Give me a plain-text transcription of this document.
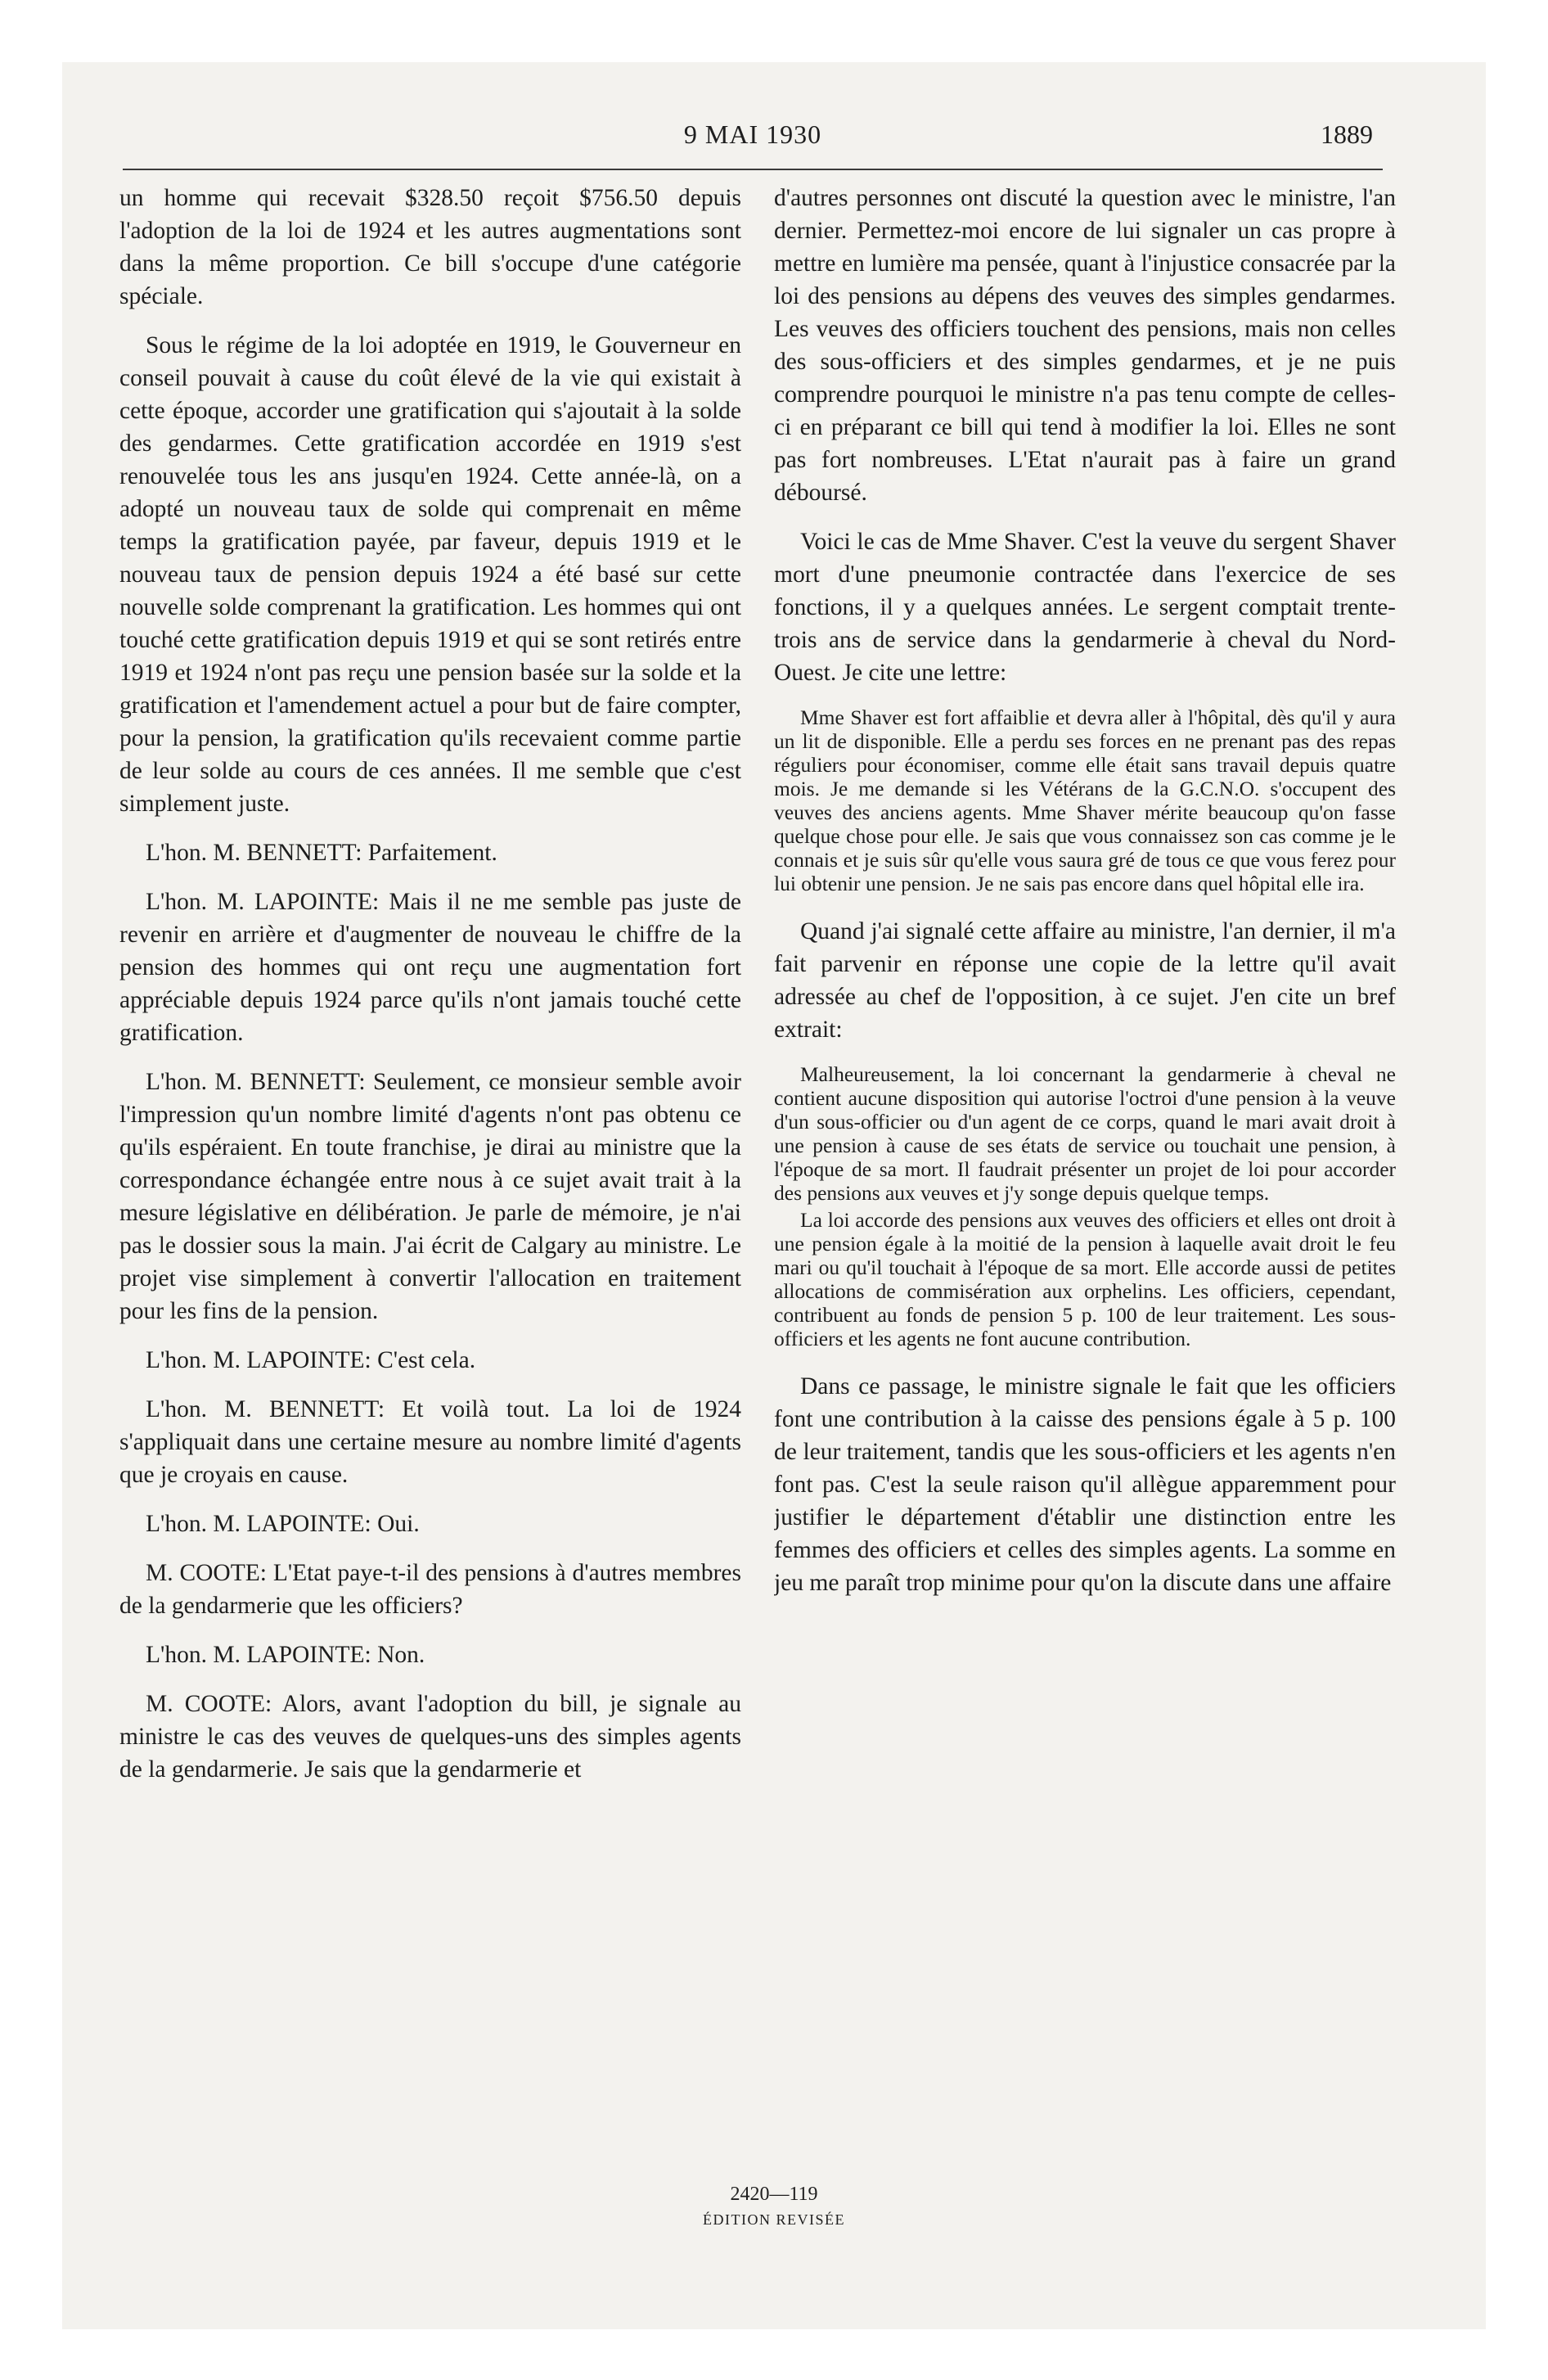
9 MAI 1930	1889

un homme qui recevait $328.50 reçoit $756.50 depuis l'adoption de la loi de 1924 et les autres augmentations sont dans la même proportion. Ce bill s'occupe d'une catégorie spéciale.

Sous le régime de la loi adoptée en 1919, le Gouverneur en conseil pouvait à cause du coût élevé de la vie qui existait à cette époque, accorder une gratification qui s'ajoutait à la solde des gendarmes. Cette gratification accordée en 1919 s'est renouvelée tous les ans jusqu'en 1924. Cette année-là, on a adopté un nouveau taux de solde qui comprenait en même temps la gratification payée, par faveur, depuis 1919 et le nouveau taux de pension depuis 1924 a été basé sur cette nouvelle solde comprenant la gratification. Les hommes qui ont touché cette gratification depuis 1919 et qui se sont retirés entre 1919 et 1924 n'ont pas reçu une pension basée sur la solde et la gratification et l'amendement actuel a pour but de faire compter, pour la pension, la gratification qu'ils recevaient comme partie de leur solde au cours de ces années. Il me semble que c'est simplement juste.

L'hon. M. BENNETT: Parfaitement.

L'hon. M. LAPOINTE: Mais il ne me semble pas juste de revenir en arrière et d'augmenter de nouveau le chiffre de la pension des hommes qui ont reçu une augmentation fort appréciable depuis 1924 parce qu'ils n'ont jamais touché cette gratification.

L'hon. M. BENNETT: Seulement, ce monsieur semble avoir l'impression qu'un nombre limité d'agents n'ont pas obtenu ce qu'ils espéraient. En toute franchise, je dirai au ministre que la correspondance échangée entre nous à ce sujet avait trait à la mesure législative en délibération. Je parle de mémoire, je n'ai pas le dossier sous la main. J'ai écrit de Calgary au ministre. Le projet vise simplement à convertir l'allocation en traitement pour les fins de la pension.

L'hon. M. LAPOINTE: C'est cela.

L'hon. M. BENNETT: Et voilà tout. La loi de 1924 s'appliquait dans une certaine mesure au nombre limité d'agents que je croyais en cause.

L'hon. M. LAPOINTE: Oui.

M. COOTE: L'Etat paye-t-il des pensions à d'autres membres de la gendarmerie que les officiers?

L'hon. M. LAPOINTE: Non.

M. COOTE: Alors, avant l'adoption du bill, je signale au ministre le cas des veuves de quelques-uns des simples agents de la gendarmerie. Je sais que la gendarmerie et

d'autres personnes ont discuté la question avec le ministre, l'an dernier. Permettez-moi encore de lui signaler un cas propre à mettre en lumière ma pensée, quant à l'injustice consacrée par la loi des pensions au dépens des veuves des simples gendarmes. Les veuves des officiers touchent des pensions, mais non celles des sous-officiers et des simples gendarmes, et je ne puis comprendre pourquoi le ministre n'a pas tenu compte de celles-ci en préparant ce bill qui tend à modifier la loi. Elles ne sont pas fort nombreuses. L'Etat n'aurait pas à faire un grand déboursé.

Voici le cas de Mme Shaver. C'est la veuve du sergent Shaver mort d'une pneumonie contractée dans l'exercice de ses fonctions, il y a quelques années. Le sergent comptait trente-trois ans de service dans la gendarmerie à cheval du Nord-Ouest. Je cite une lettre:

Mme Shaver est fort affaiblie et devra aller à l'hôpital, dès qu'il y aura un lit de disponible. Elle a perdu ses forces en ne prenant pas des repas réguliers pour économiser, comme elle était sans travail depuis quatre mois. Je me demande si les Vétérans de la G.C.N.O. s'occupent des veuves des anciens agents. Mme Shaver mérite beaucoup qu'on fasse quelque chose pour elle. Je sais que vous connaissez son cas comme je le connais et je suis sûr qu'elle vous saura gré de tous ce que vous ferez pour lui obtenir une pension. Je ne sais pas encore dans quel hôpital elle ira.

Quand j'ai signalé cette affaire au ministre, l'an dernier, il m'a fait parvenir en réponse une copie de la lettre qu'il avait adressée au chef de l'opposition, à ce sujet. J'en cite un bref extrait:

Malheureusement, la loi concernant la gendarmerie à cheval ne contient aucune disposition qui autorise l'octroi d'une pension à la veuve d'un sous-officier ou d'un agent de ce corps, quand le mari avait droit à une pension à cause de ses états de service ou touchait une pension, à l'époque de sa mort. Il faudrait présenter un projet de loi pour accorder des pensions aux veuves et j'y songe depuis quelque temps.

La loi accorde des pensions aux veuves des officiers et elles ont droit à une pension égale à la moitié de la pension à laquelle avait droit le feu mari ou qu'il touchait à l'époque de sa mort. Elle accorde aussi de petites allocations de commisération aux orphelins. Les officiers, cependant, contribuent au fonds de pension 5 p. 100 de leur traitement. Les sous-officiers et les agents ne font aucune contribution.

Dans ce passage, le ministre signale le fait que les officiers font une contribution à la caisse des pensions égale à 5 p. 100 de leur traitement, tandis que les sous-officiers et les agents n'en font pas. C'est la seule raison qu'il allègue apparemment pour justifier le département d'établir une distinction entre les femmes des officiers et celles des simples agents. La somme en jeu me paraît trop minime pour qu'on la discute dans une affaire

2420—119
ÉDITION REVISÉE
